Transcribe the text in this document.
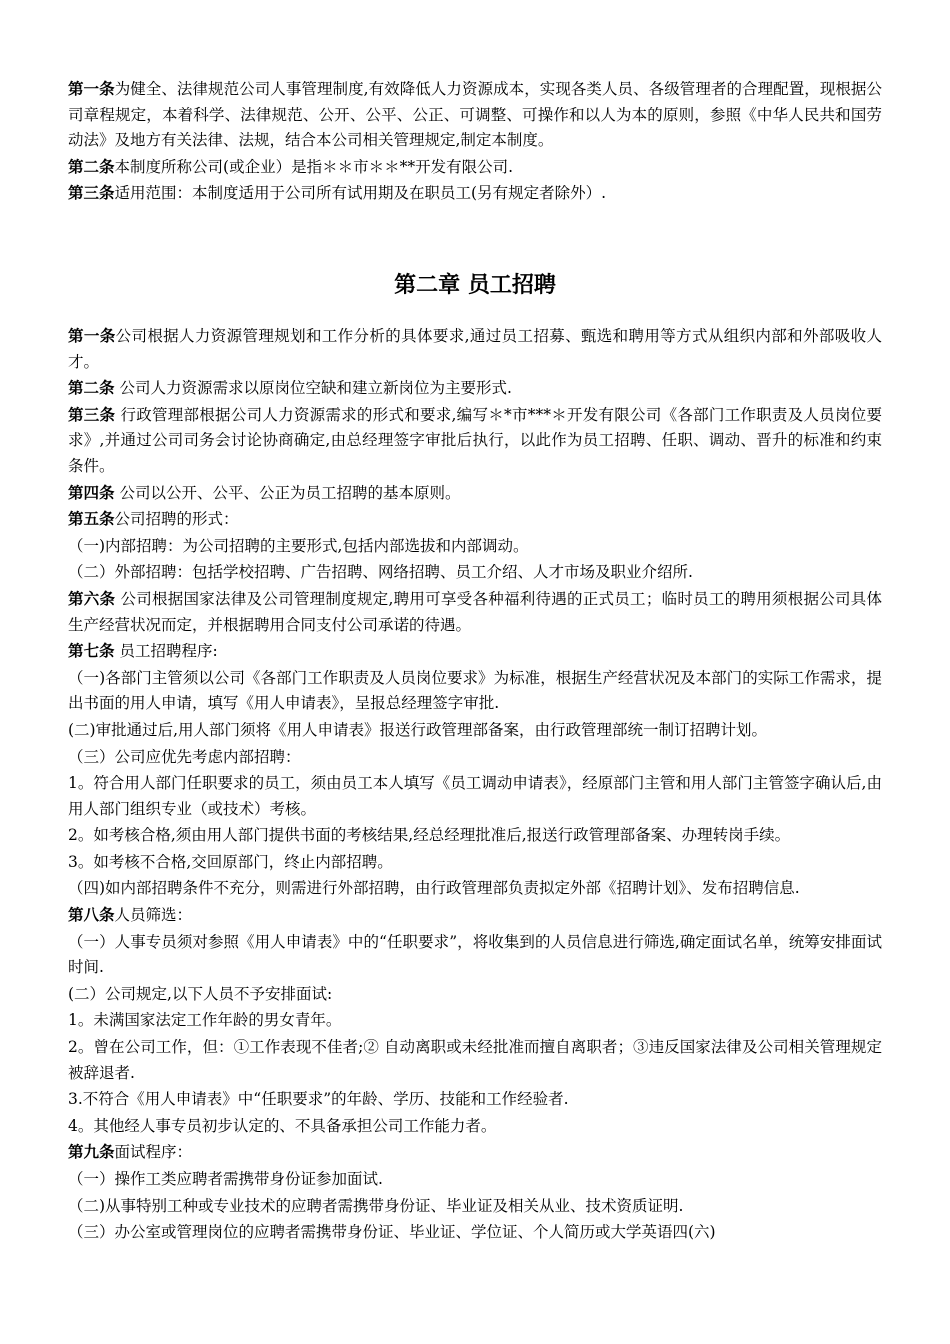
第一条为健全、法律规范公司人事管理制度,有效降低人力资源成本，实现各类人员、各级管理者的合理配置，现根据公司章程规定，本着科学、法律规范、公开、公平、公正、可调整、可操作和以人为本的原则，参照《中华人民共和国劳动法》及地方有关法律、法规，结合本公司相关管理规定,制定本制度。

第二条本制度所称公司(或企业）是指＊＊市＊＊**开发有限公司.

第三条适用范围：本制度适用于公司所有试用期及在职员工(另有规定者除外）.

第二章 员工招聘

第一条公司根据人力资源管理规划和工作分析的具体要求,通过员工招募、甄选和聘用等方式从组织内部和外部吸收人才。

第二条 公司人力资源需求以原岗位空缺和建立新岗位为主要形式.

第三条 行政管理部根据公司人力资源需求的形式和要求,编写＊*市***＊开发有限公司《各部门工作职责及人员岗位要求》,并通过公司司务会讨论协商确定,由总经理签字审批后执行，以此作为员工招聘、任职、调动、晋升的标准和约束条件。

第四条 公司以公开、公平、公正为员工招聘的基本原则。

第五条公司招聘的形式：

（一)内部招聘：为公司招聘的主要形式,包括内部选拔和内部调动。

（二）外部招聘：包括学校招聘、广告招聘、网络招聘、员工介绍、人才市场及职业介绍所.

第六条 公司根据国家法律及公司管理制度规定,聘用可享受各种福利待遇的正式员工；临时员工的聘用须根据公司具体生产经营状况而定，并根据聘用合同支付公司承诺的待遇。

第七条 员工招聘程序:

（一)各部门主管须以公司《各部门工作职责及人员岗位要求》为标准，根据生产经营状况及本部门的实际工作需求，提出书面的用人申请，填写《用人申请表》，呈报总经理签字审批.

(二)审批通过后,用人部门须将《用人申请表》报送行政管理部备案，由行政管理部统一制订招聘计划。

（三）公司应优先考虑内部招聘：

1。符合用人部门任职要求的员工，须由员工本人填写《员工调动申请表》，经原部门主管和用人部门主管签字确认后,由用人部门组织专业（或技术）考核。

2。如考核合格,须由用人部门提供书面的考核结果,经总经理批准后,报送行政管理部备案、办理转岗手续。

3。如考核不合格,交回原部门，终止内部招聘。

（四)如内部招聘条件不充分，则需进行外部招聘，由行政管理部负责拟定外部《招聘计划》、发布招聘信息.

第八条人员筛选：

（一）人事专员须对参照《用人申请表》中的“任职要求”，将收集到的人员信息进行筛选,确定面试名单，统筹安排面试时间.

(二）公司规定,以下人员不予安排面试:

1。未满国家法定工作年龄的男女青年。

2。曾在公司工作，但：①工作表现不佳者;② 自动离职或未经批准而擅自离职者；③违反国家法律及公司相关管理规定被辞退者.

3.不符合《用人申请表》中“任职要求”的年龄、学历、技能和工作经验者.

4。其他经人事专员初步认定的、不具备承担公司工作能力者。

第九条面试程序：

（一）操作工类应聘者需携带身份证参加面试.

（二)从事特别工种或专业技术的应聘者需携带身份证、毕业证及相关从业、技术资质证明.

（三）办公室或管理岗位的应聘者需携带身份证、毕业证、学位证、个人简历或大学英语四(六)
